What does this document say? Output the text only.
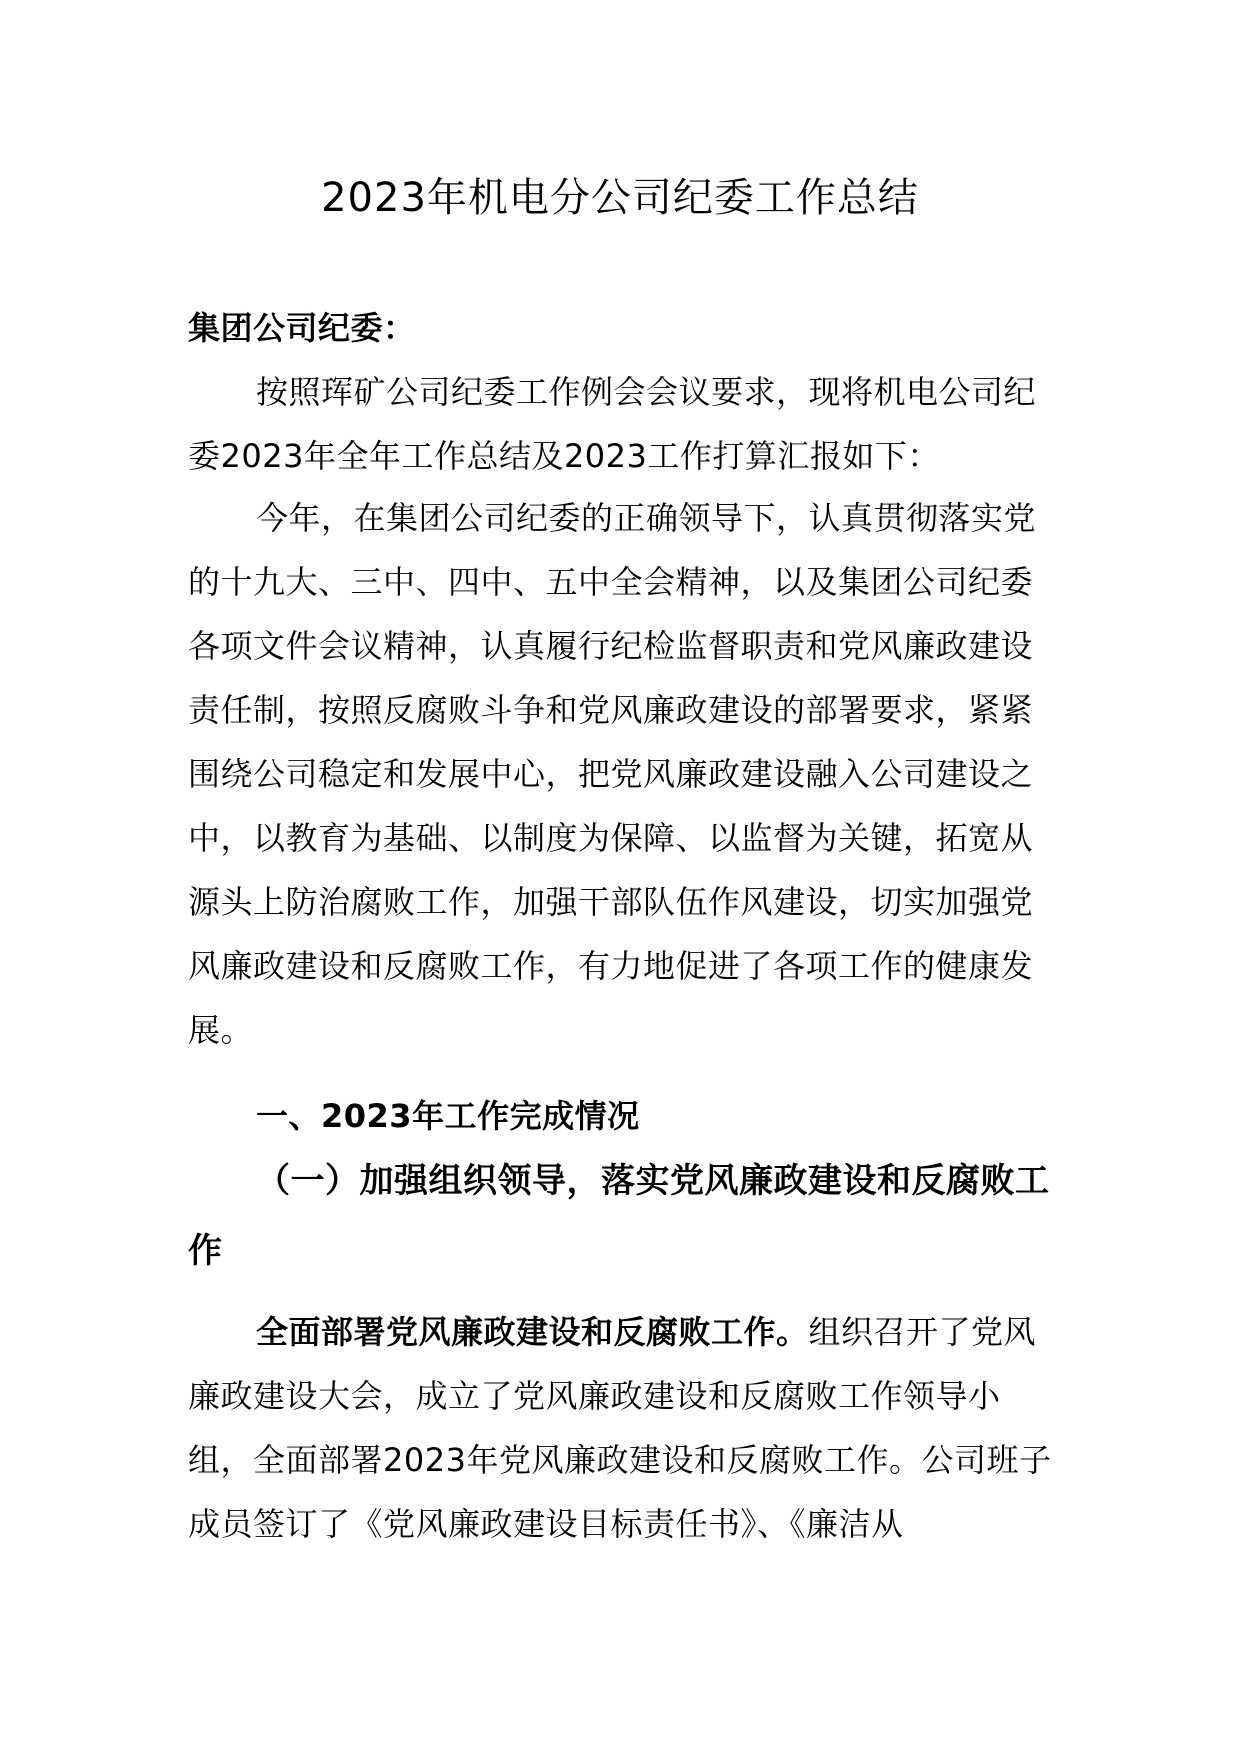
2023年机电分公司纪委工作总结
集团公司纪委：
按照珲矿公司纪委工作例会会议要求，现将机电公司纪委2023年全年工作总结及2023工作打算汇报如下：
今年，在集团公司纪委的正确领导下，认真贯彻落实党的十九大、三中、四中、五中全会精神，以及集团公司纪委各项文件会议精神，认真履行纪检监督职责和党风廉政建设责任制，按照反腐败斗争和党风廉政建设的部署要求，紧紧围绕公司稳定和发展中心，把党风廉政建设融入公司建设之中，以教育为基础、以制度为保障、以监督为关键，拓宽从源头上防治腐败工作，加强干部队伍作风建设，切实加强党风廉政建设和反腐败工作，有力地促进了各项工作的健康发展。
一、2023年工作完成情况
（一）加强组织领导，落实党风廉政建设和反腐败工作
全面部署党风廉政建设和反腐败工作。组织召开了党风廉政建设大会，成立了党风廉政建设和反腐败工作领导小组，全面部署2023年党风廉政建设和反腐败工作。公司班子成员签订了《党风廉政建设目标责任书》、《廉洁从
